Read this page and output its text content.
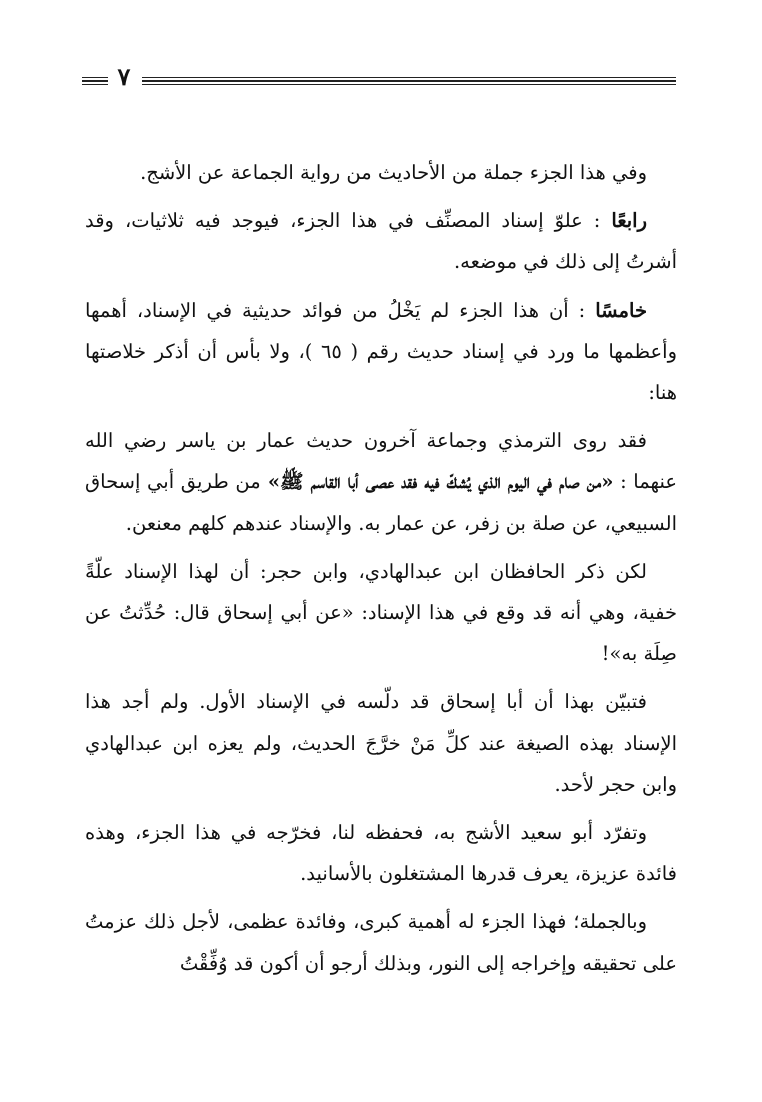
٧

وفي هذا الجزء جملة من الأحاديث من رواية الجماعة عن الأشج.

رابعًا : علوّ إسناد المصنِّف في هذا الجزء، فيوجد فيه ثلاثيات، وقد أشرتُ إلى ذلك في موضعه.

خامسًا : أن هذا الجزء لم يَخْلُ من فوائد حديثية في الإسناد، أهمها وأعظمها ما ورد في إسناد حديث رقم ( ٦٥ )، ولا بأس أن أذكر خلاصتها هنا:

فقد روى الترمذي وجماعة آخرون حديث عمار بن ياسر رضي الله عنهما : «من صام في اليوم الذي يُشكّ فيه فقد عصى أبا القاسم ﷺ» من طريق أبي إسحاق السبيعي، عن صلة بن زفر، عن عمار به. والإسناد عندهم كلهم معنعن.

لكن ذكر الحافظان ابن عبدالهادي، وابن حجر: أن لهذا الإسناد علّةً خفية، وهي أنه قد وقع في هذا الإسناد: «عن أبي إسحاق قال: حُدِّثتُ عن صِلَة به»!

فتبيّن بهذا أن أبا إسحاق قد دلّسه في الإسناد الأول. ولم أجد هذا الإسناد بهذه الصيغة عند كلِّ مَنْ خرَّجَ الحديث، ولم يعزه ابن عبدالهادي وابن حجر لأحد.

وتفرّد أبو سعيد الأشج به، فحفظه لنا، فخرّجه في هذا الجزء، وهذه فائدة عزيزة، يعرف قدرها المشتغلون بالأسانيد.

وبالجملة؛ فهذا الجزء له أهمية كبرى، وفائدة عظمى، لأجل ذلك عزمتُ على تحقيقه وإخراجه إلى النور، وبذلك أرجو أن أكون قد وُفِّقْتُ
